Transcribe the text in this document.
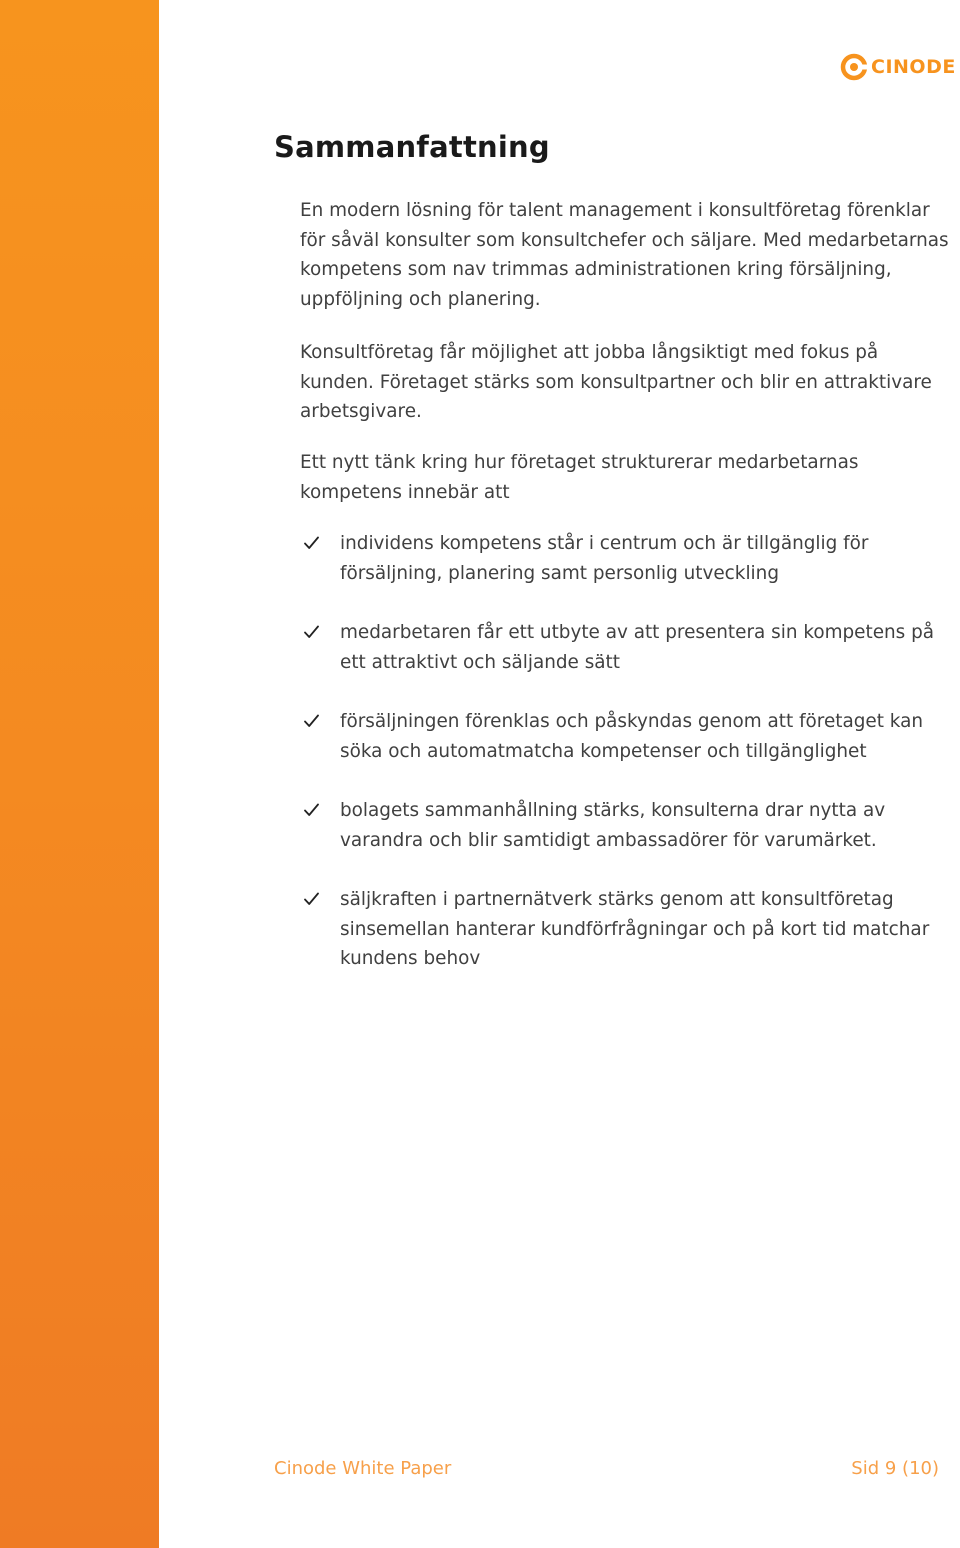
CINODE
Sammanfattning

En modern lösning för talent management i konsultföretag förenklar för såväl konsulter som konsultchefer och säljare. Med medarbetarnas kompetens som nav trimmas administrationen kring försäljning, uppföljning och planering.

Konsultföretag får möjlighet att jobba långsiktigt med fokus på kunden. Företaget stärks som konsultpartner och blir en attraktivare arbetsgivare.

Ett nytt tänk kring hur företaget strukturerar medarbetarnas kompetens innebär att

individens kompetens står i centrum och är tillgänglig för försäljning, planering samt personlig utveckling
medarbetaren får ett utbyte av att presentera sin kompetens på ett attraktivt och säljande sätt
försäljningen förenklas och påskyndas genom att företaget kan söka och automatmatcha kompetenser och tillgänglighet
bolagets sammanhållning stärks, konsulterna drar nytta av varandra och blir samtidigt ambassadörer för varumärket.
säljkraften i partnernätverk stärks genom att konsultföretag sinsemellan hanterar kundförfrågningar och på kort tid matchar kundens behov
Cinode White Paper	Sid 9 (10)
